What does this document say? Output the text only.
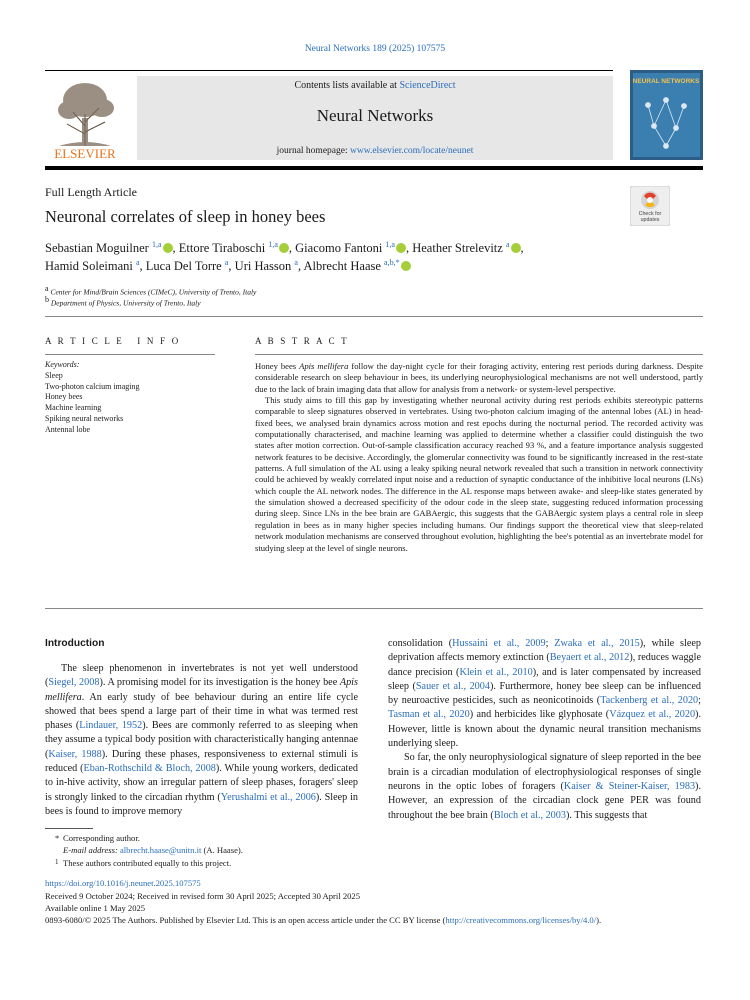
Neural Networks 189 (2025) 107575
ELSEVIER
Contents lists available at ScienceDirect
Neural Networks
journal homepage: www.elsevier.com/locate/neunet
NEURAL NETWORKS
Full Length Article
Neuronal correlates of sleep in honey bees	Check for updates
Sebastian Moguilner $^{1,a}$ , Ettore Tiraboschi $^{1,a}$ , Giacomo Fantoni $^{1,a}$ , Heather Strelevitz $^a$ ,
Hamid Soleimani $^a$, Luca Del Torre $^a$, Uri Hasson $^a$, Albrecht Haase $^{a,b,*}$
$^a$ Center for Mind/Brain Sciences (CIMeC), University of Trento, Italy
$^b$ Department of Physics, University of Trento, Italy
A R T I C L E   I N F O
Keywords:
Sleep
Two-photon calcium imaging
Honey bees
Machine learning
Spiking neural networks
Antennal lobe
A B S T R A C T

Honey bees Apis mellifera follow the day-night cycle for their foraging activity, entering rest periods during darkness. Despite considerable research on sleep behaviour in bees, its underlying neurophysiological mechanisms are not well understood, partly due to the lack of brain imaging data that allow for analysis from a network- or system-level perspective.

This study aims to fill this gap by investigating whether neuronal activity during rest periods exhibits stereotypic patterns comparable to sleep signatures observed in vertebrates. Using two-photon calcium imaging of the antennal lobes (AL) in head-fixed bees, we analysed brain dynamics across motion and rest epochs during the nocturnal period. The recorded activity was computationally characterised, and machine learning was applied to determine whether a classifier could distinguish the two states after motion correction. Out-of-sample classification accuracy reached 93 %, and a feature importance analysis suggested network features to be decisive. Accordingly, the glomerular connectivity was found to be significantly increased in the rest-state patterns. A full simulation of the AL using a leaky spiking neural network revealed that such a transition in network connectivity could be achieved by weakly correlated input noise and a reduction of synaptic conductance of the inhibitive local neurons (LNs) which couple the AL network nodes. The difference in the AL response maps between awake- and sleep-like states generated by the simulation showed a decreased specificity of the odour code in the sleep state, suggesting reduced information processing during sleep. Since LNs in the bee brain are GABAergic, this suggests that the GABAergic system plays a central role in sleep regulation in bees as in many higher species including humans. Our findings support the theoretical view that sleep-related network modulation mechanisms are conserved throughout evolution, highlighting the bee's potential as an invertebrate model for studying sleep at the level of single neurons.

Introduction

The sleep phenomenon in invertebrates is not yet well understood (Siegel, 2008). A promising model for its investigation is the honey bee Apis mellifera. An early study of bee behaviour during an entire life cycle showed that bees spend a large part of their time in what was termed rest phases (Lindauer, 1952). Bees are commonly referred to as sleeping when they assume a typical body position with characteristically hanging antennae (Kaiser, 1988). During these phases, responsiveness to external stimuli is reduced (Eban-Rothschild & Bloch, 2008). While young workers, dedicated to in-hive activity, show an irregular pattern of sleep phases, foragers' sleep is strongly linked to the circadian rhythm (Yerushalmi et al., 2006). Sleep in bees is found to improve memory

consolidation (Hussaini et al., 2009; Zwaka et al., 2015), while sleep deprivation affects memory extinction (Beyaert et al., 2012), reduces waggle dance precision (Klein et al., 2010), and is later compensated by increased sleep (Sauer et al., 2004). Furthermore, honey bee sleep can be influenced by neuroactive pesticides, such as neonicotinoids (Tackenberg et al., 2020; Tasman et al., 2020) and herbicides like glyphosate (Vázquez et al., 2020). However, little is known about the dynamic neural transition mechanisms underlying sleep.

So far, the only neurophysiological signature of sleep reported in the bee brain is a circadian modulation of electrophysiological responses of single neurons in the optic lobes of foragers (Kaiser & Steiner-Kaiser, 1983). However, an expression of the circadian clock gene PER was found throughout the bee brain (Bloch et al., 2003). This suggests that

* Corresponding author.
E-mail address: albrecht.haase@unitn.it (A. Haase).
1 These authors contributed equally to this project.
https://doi.org/10.1016/j.neunet.2025.107575
Received 9 October 2024; Received in revised form 30 April 2025; Accepted 30 April 2025
Available online 1 May 2025
0893-6080/© 2025 The Authors. Published by Elsevier Ltd. This is an open access article under the CC BY license (http://creativecommons.org/licenses/by/4.0/).
